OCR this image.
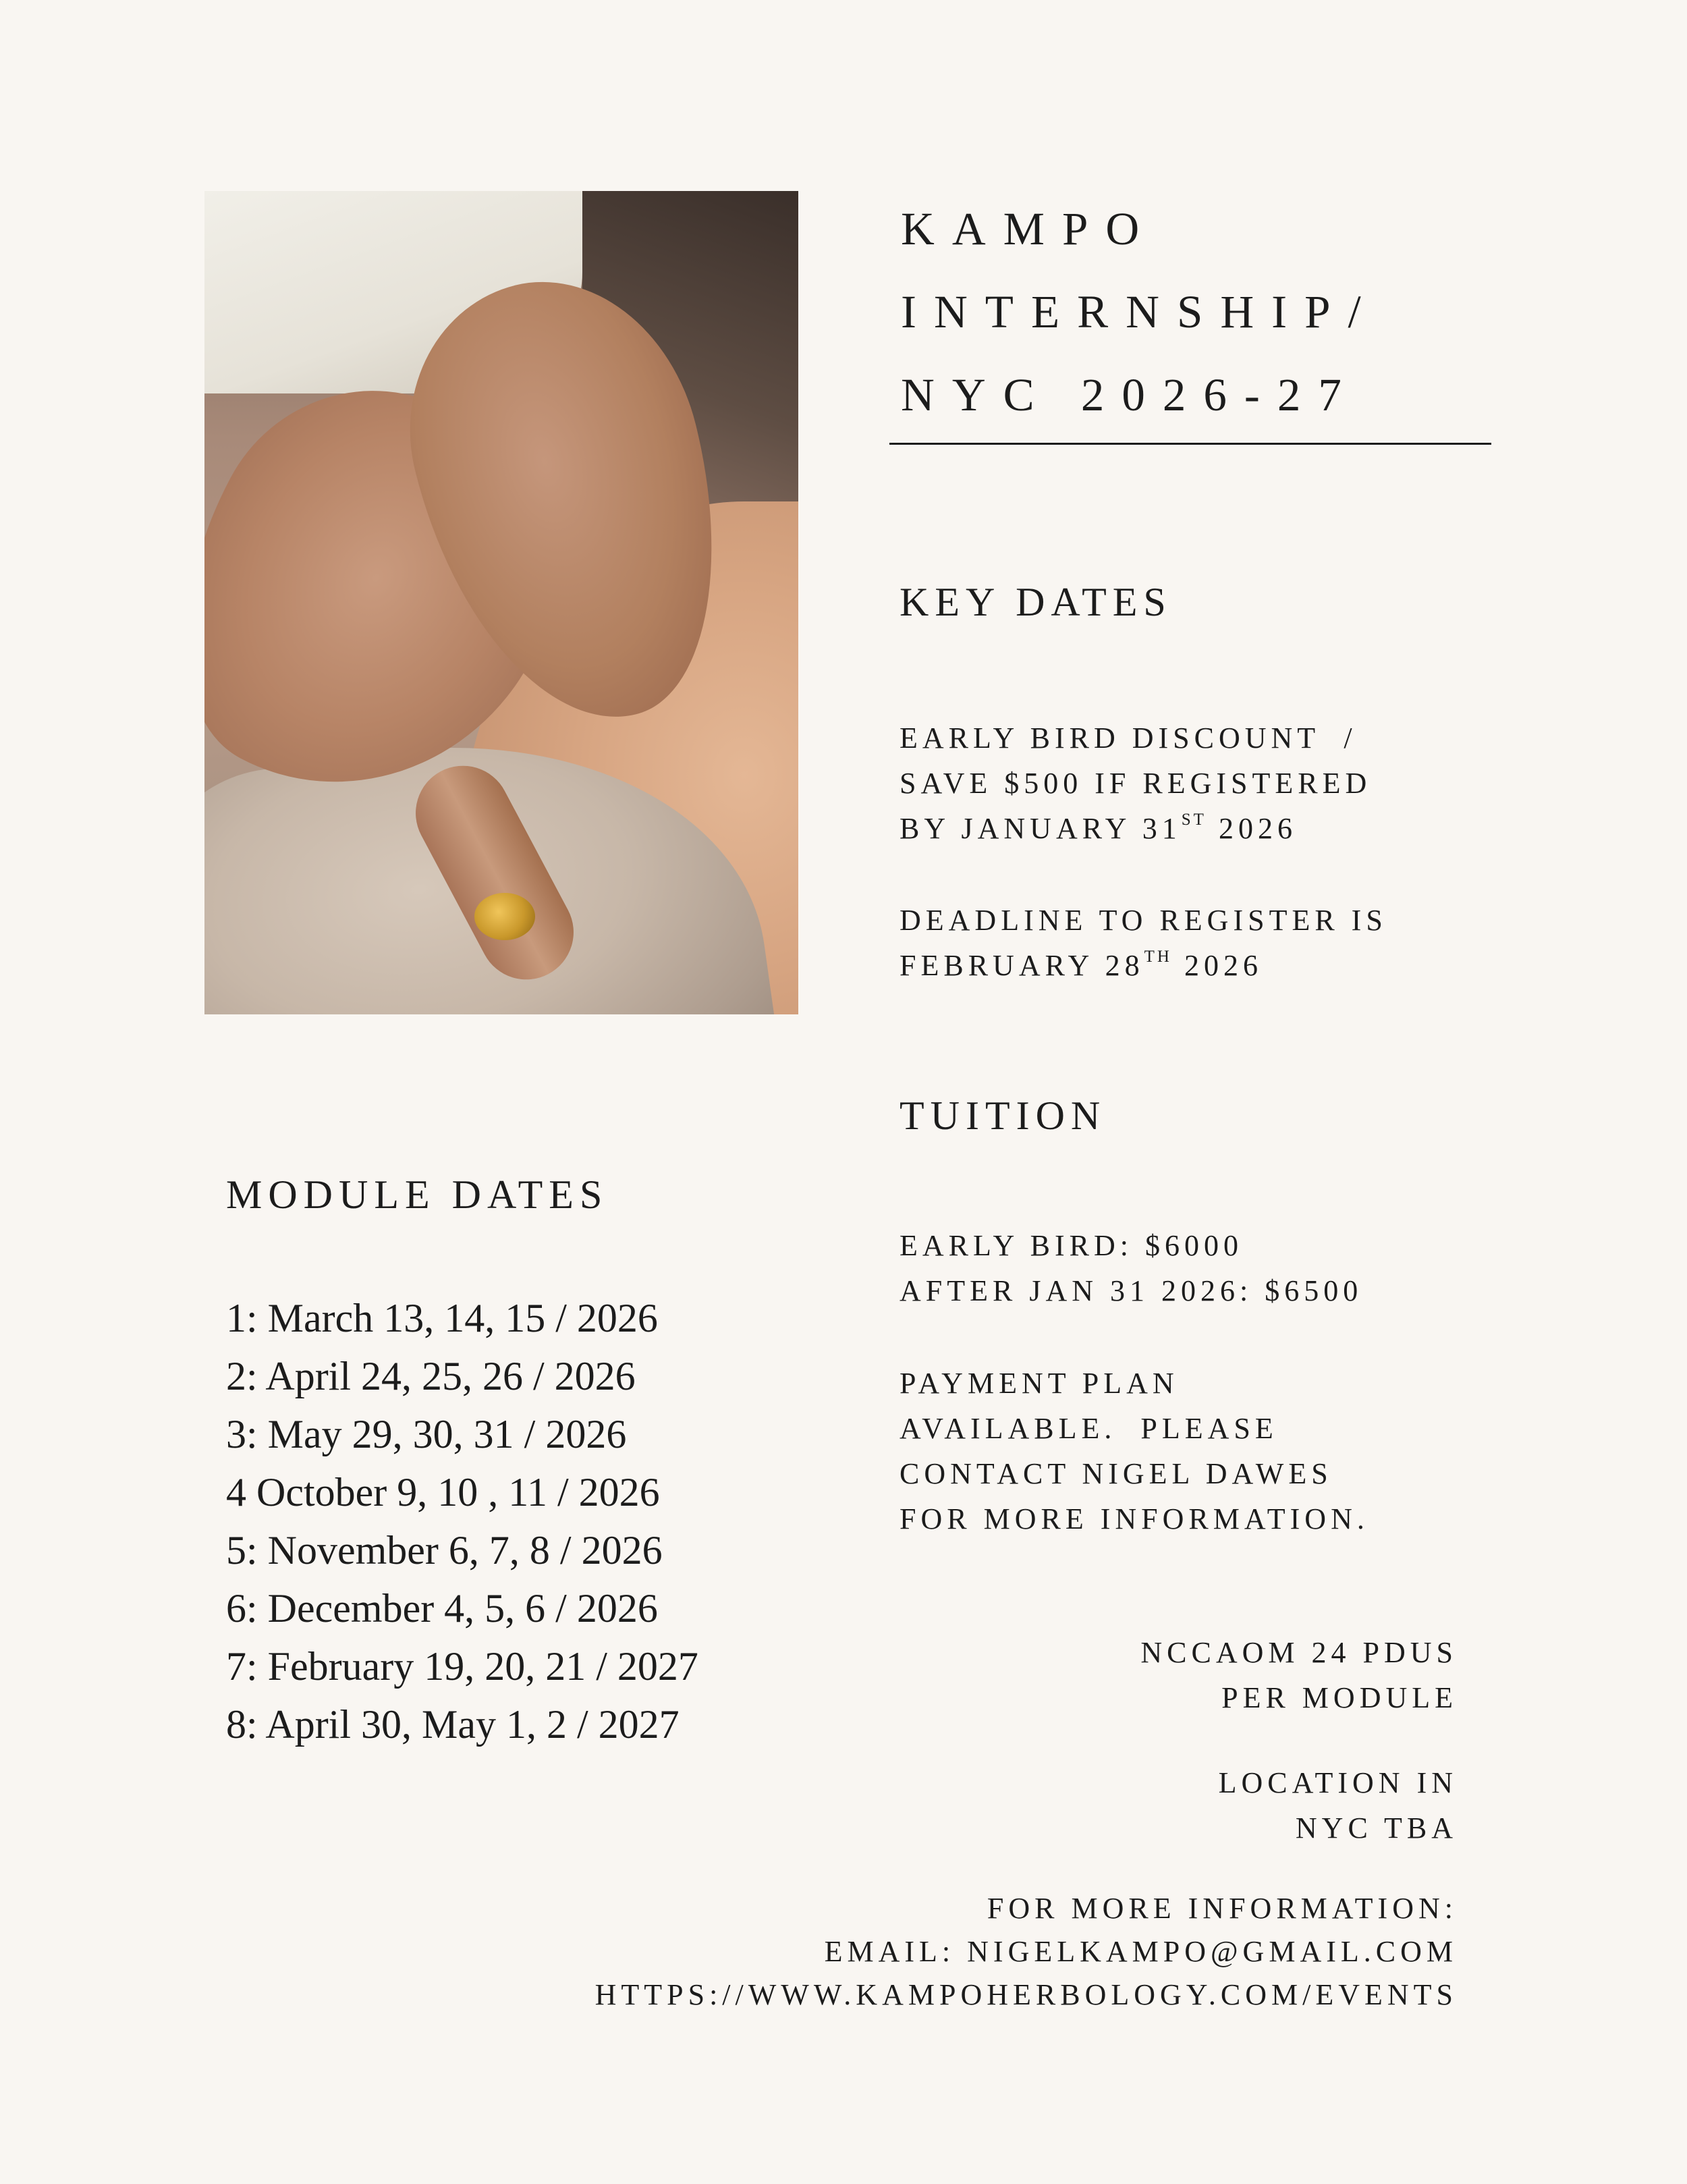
KAMPO
INTERNSHIP/
NYC 2026-27
KEY DATES

EARLY BIRD DISCOUNT  /
SAVE $500 IF REGISTERED
BY JANUARY 31ST 2026

DEADLINE TO REGISTER IS
FEBRUARY 28TH 2026

TUITION

EARLY BIRD: $6000
AFTER JAN 31 2026: $6500

PAYMENT PLAN
AVAILABLE.  PLEASE
CONTACT NIGEL DAWES
FOR MORE INFORMATION.

MODULE DATES
1: March 13, 14, 15 / 2026
2: April 24, 25, 26 / 2026
3: May 29, 30, 31 / 2026
4 October 9, 10 , 11 / 2026
5: November 6, 7, 8 / 2026
6: December 4, 5, 6 / 2026
7: February 19, 20, 21 / 2027
8: April 30, May 1, 2 / 2027

NCCAOM 24 PDUS
PER MODULE

LOCATION IN
NYC TBA

FOR MORE INFORMATION:
EMAIL: NIGELKAMPO@GMAIL.COM
HTTPS://WWW.KAMPOHERBOLOGY.COM/EVENTS
